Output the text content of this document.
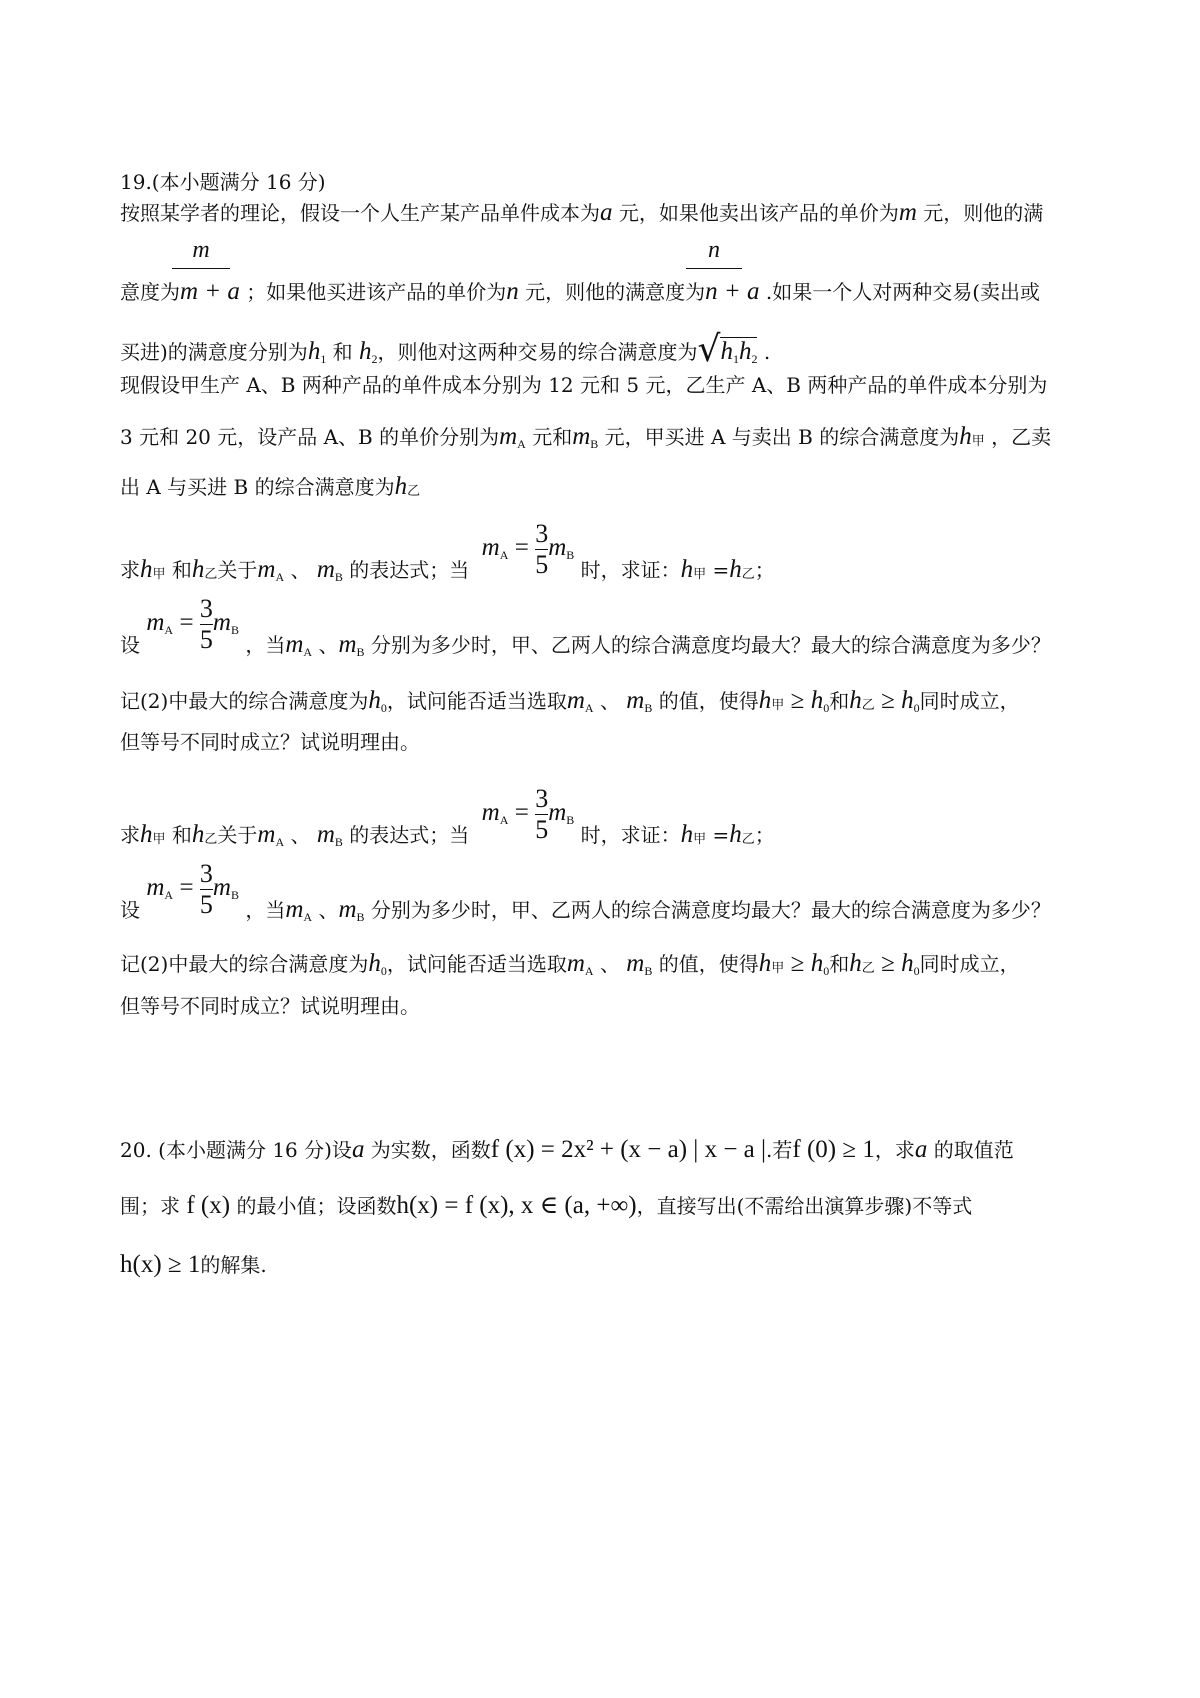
19.(本小题满分 16 分)
按照某学者的理论，假设一个人生产某产品单件成本为a 元，如果他卖出该产品的单价为m 元，则他的满
m	n
意度为m + a ；如果他买进该产品的单价为n 元，则他的满意度为n + a .如果一个人对两种交易(卖出或
买进)的满意度分别为$h_1$ 和 $h_2$，则他对这两种交易的综合满意度为$√h_1h_2$ .
现假设甲生产 A、B 两种产品的单件成本分别为 12 元和 5 元，乙生产 A、B 两种产品的单件成本分别为
3 元和 20 元，设产品 A、B 的单价分别为$m_A$ 元和$m_B$ 元，甲买进 A 与卖出 B 的综合满意度为h甲 ，乙卖
出 A 与买进 B 的综合满意度为h乙
求h甲 和h乙关于$m_A$ 、 $m_B$ 的表达式；当 $m_A = \frac{3}{5} m_B$ 时，求证：h甲 =h乙；
设 $m_A = \frac{3}{5} m_B$ ，当$m_A$ 、$m_B$ 分别为多少时，甲、乙两人的综合满意度均最大？最大的综合满意度为多少？
记(2)中最大的综合满意度为$h_0$，试问能否适当选取$m_A$ 、 $m_B$ 的值，使得h甲 ≥ $h_0$和h乙 ≥ $h_0$同时成立，
但等号不同时成立？试说明理由。
求h甲 和h乙关于$m_A$ 、 $m_B$ 的表达式；当 $m_A = \frac{3}{5} m_B$ 时，求证：h甲 =h乙；
设 $m_A = \frac{3}{5} m_B$ ，当$m_A$ 、$m_B$ 分别为多少时，甲、乙两人的综合满意度均最大？最大的综合满意度为多少？
记(2)中最大的综合满意度为$h_0$，试问能否适当选取$m_A$ 、 $m_B$ 的值，使得h甲 ≥ $h_0$和h乙 ≥ $h_0$同时成立，
但等号不同时成立？试说明理由。
20. (本小题满分 16 分)设a 为实数，函数f (x) = 2x² + (x − a) | x − a |.若f (0) ≥ 1，求a 的取值范
围；求 f (x) 的最小值；设函数h(x) = f (x), x ∈ (a, +∞)，直接写出(不需给出演算步骤)不等式
h(x) ≥ 1的解集.
